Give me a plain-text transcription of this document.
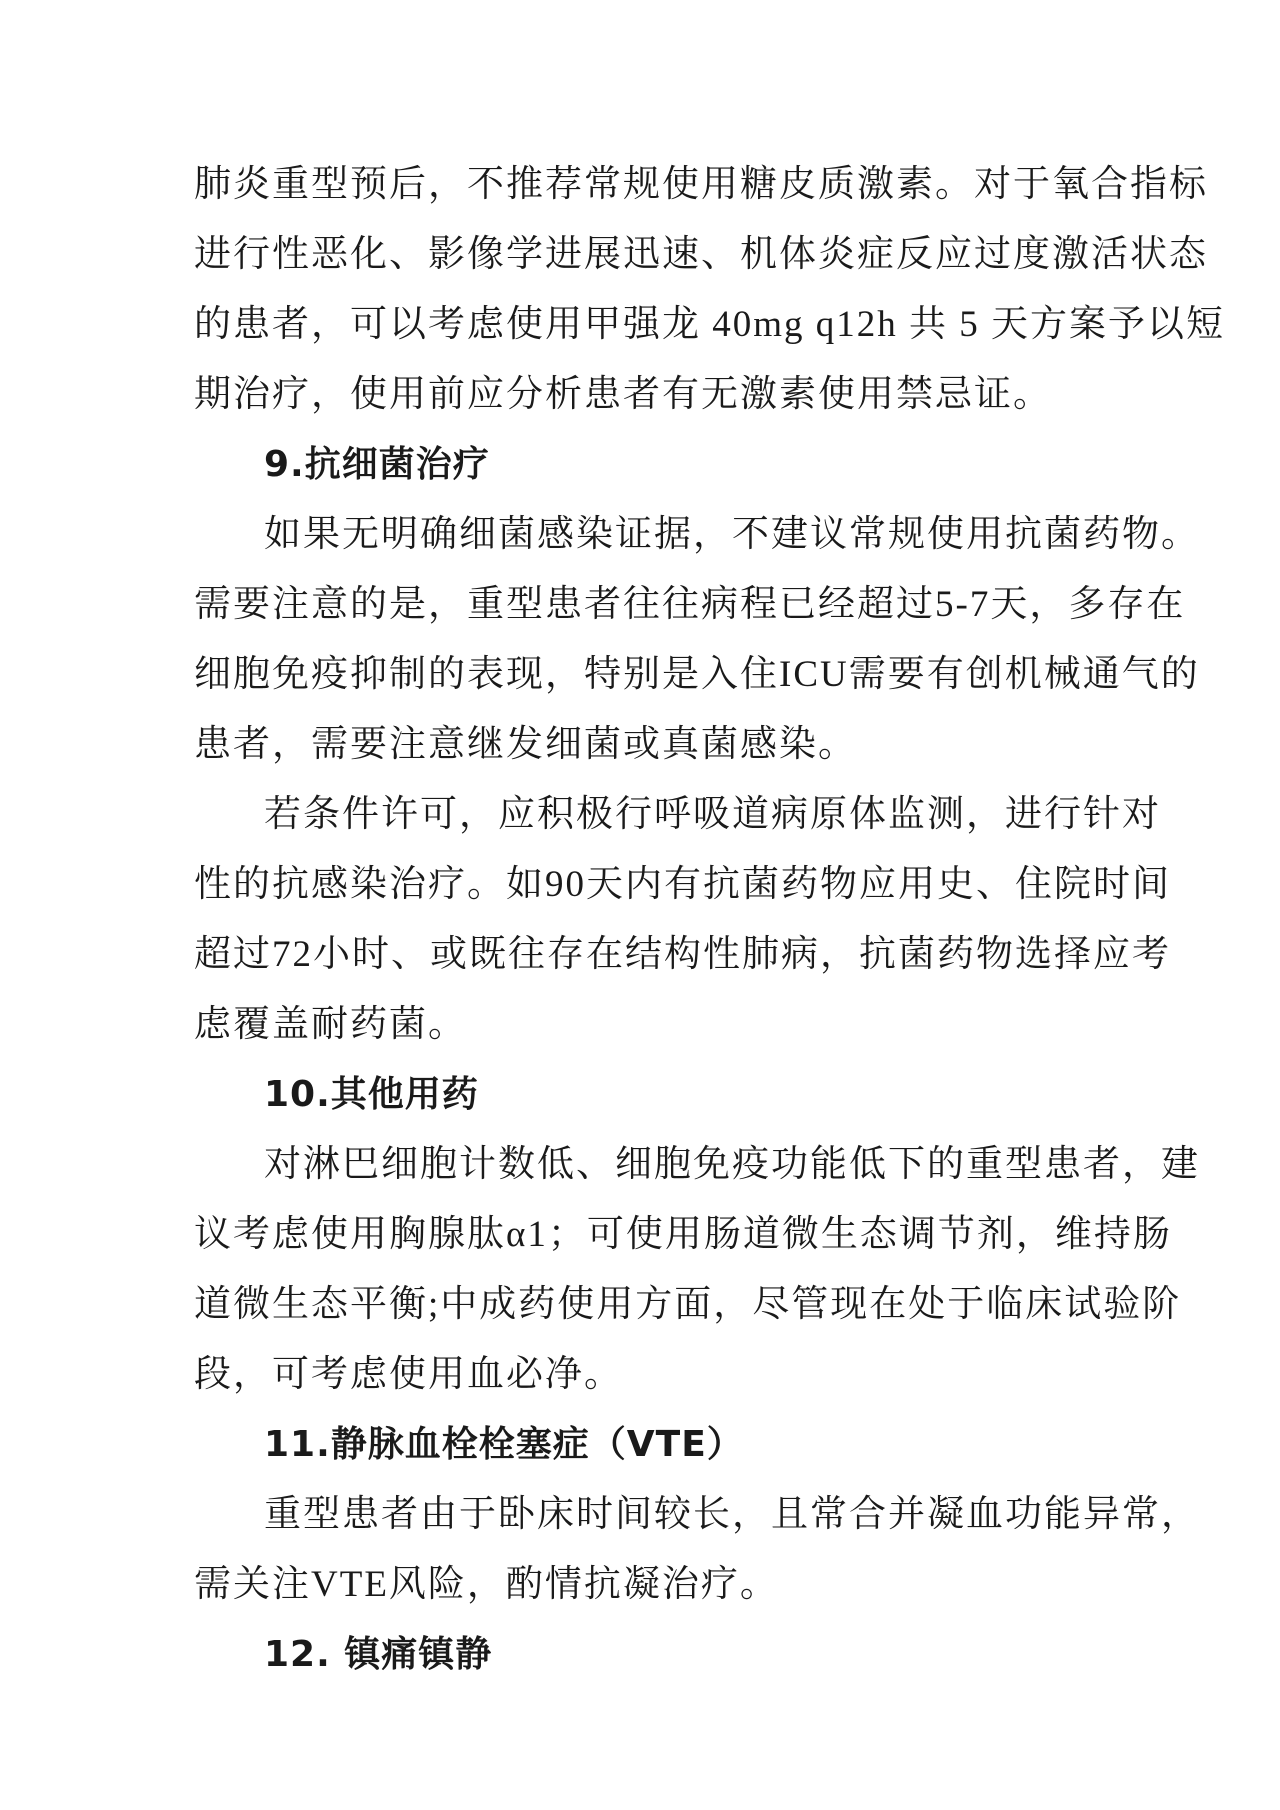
肺炎重型预后，不推荐常规使用糖皮质激素。对于氧合指标
进行性恶化、影像学进展迅速、机体炎症反应过度激活状态
的患者，可以考虑使用甲强龙 40mg q12h 共 5 天方案予以短
期治疗，使用前应分析患者有无激素使用禁忌证。
9.抗细菌治疗
如果无明确细菌感染证据，不建议常规使用抗菌药物。
需要注意的是，重型患者往往病程已经超过5-7天，多存在
细胞免疫抑制的表现，特别是入住ICU需要有创机械通气的
患者，需要注意继发细菌或真菌感染。
若条件许可，应积极行呼吸道病原体监测，进行针对
性的抗感染治疗。如90天内有抗菌药物应用史、住院时间
超过72小时、或既往存在结构性肺病，抗菌药物选择应考
虑覆盖耐药菌。
10.其他用药
对淋巴细胞计数低、细胞免疫功能低下的重型患者，建
议考虑使用胸腺肽α1；可使用肠道微生态调节剂，维持肠
道微生态平衡;中成药使用方面，尽管现在处于临床试验阶
段，可考虑使用血必净。
11.静脉血栓栓塞症（VTE）
重型患者由于卧床时间较长，且常合并凝血功能异常，
需关注VTE风险，酌情抗凝治疗。
12. 镇痛镇静
